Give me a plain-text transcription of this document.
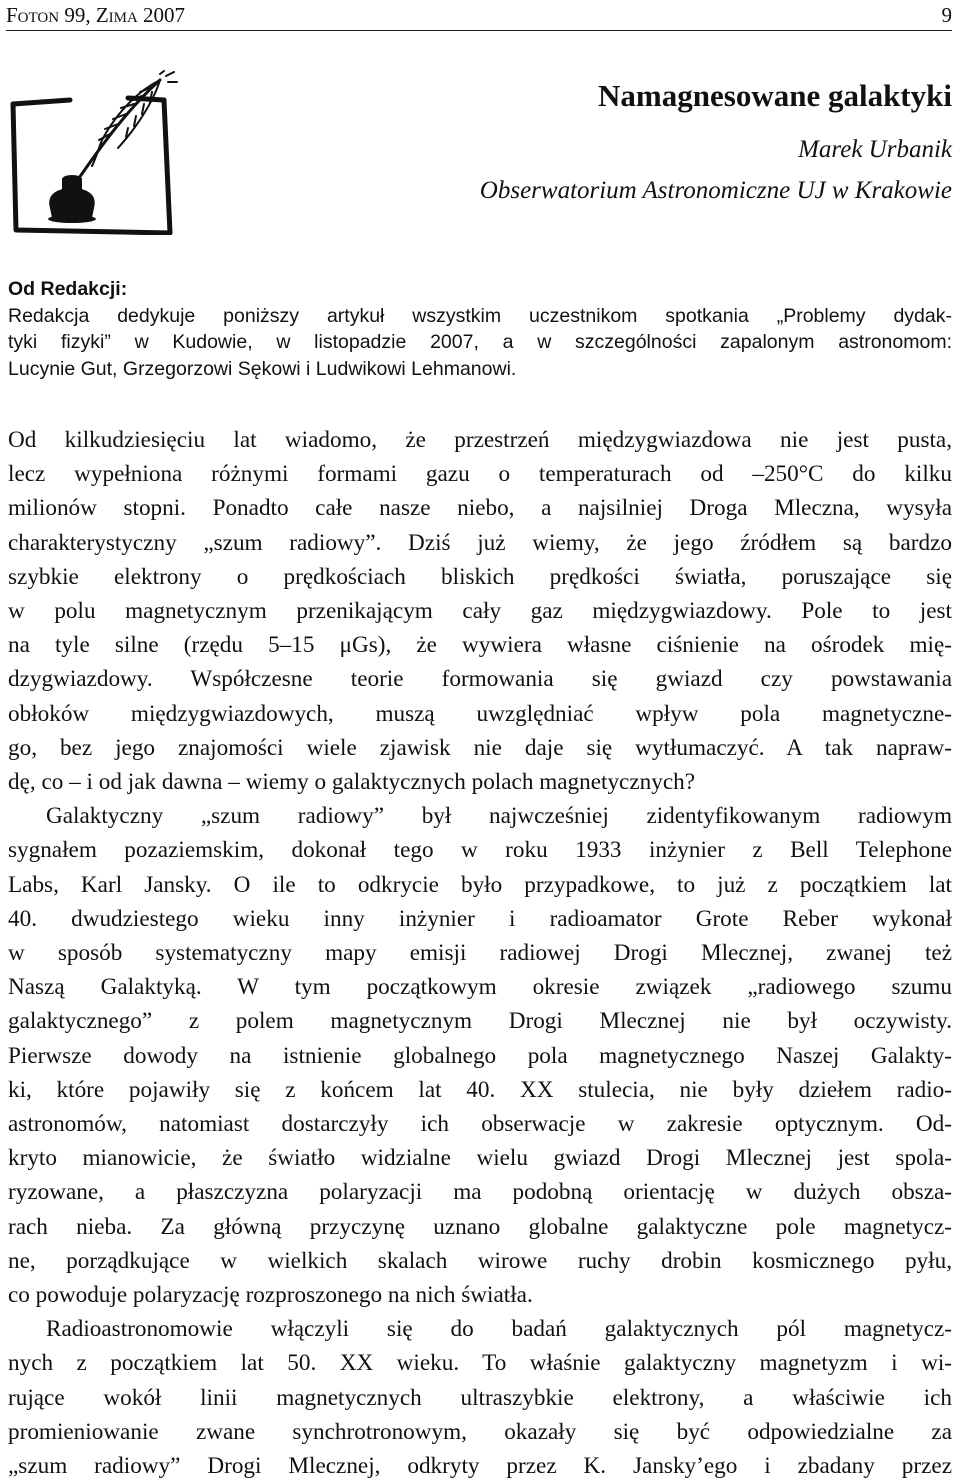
Foton 99, Zima 2007	9
Namagnesowane galaktyki
Marek Urbanik
Obserwatorium Astronomiczne UJ w Krakowie
Od Redakcji:
Redakcja dedykuje poniższy artykuł wszystkim uczestnikom spotkania „Problemy dydak-
tyki fizyki” w Kudowie, w listopadzie 2007, a w szczególności zapalonym astronomom:
Lucynie Gut, Grzegorzowi Sękowi i Ludwikowi Lehmanowi.
Od kilkudziesięciu lat wiadomo, że przestrzeń międzygwiazdowa nie jest pusta,
lecz wypełniona różnymi formami gazu o temperaturach od –250°C do kilku
milionów stopni. Ponadto całe nasze niebo, a najsilniej Droga Mleczna, wysyła
charakterystyczny „szum radiowy”. Dziś już wiemy, że jego źródłem są bardzo
szybkie elektrony o prędkościach bliskich prędkości światła, poruszające się
w polu magnetycznym przenikającym cały gaz międzygwiazdowy. Pole to jest
na tyle silne (rzędu 5–15 μGs), że wywiera własne ciśnienie na ośrodek mię-
dzygwiazdowy. Współczesne teorie formowania się gwiazd czy powstawania
obłoków międzygwiazdowych, muszą uwzględniać wpływ pola magnetyczne-
go, bez jego znajomości wiele zjawisk nie daje się wytłumaczyć. A tak napraw-
dę, co – i od jak dawna – wiemy o galaktycznych polach magnetycznych?
Galaktyczny „szum radiowy” był najwcześniej zidentyfikowanym radiowym
sygnałem pozaziemskim, dokonał tego w roku 1933 inżynier z Bell Telephone
Labs, Karl Jansky. O ile to odkrycie było przypadkowe, to już z początkiem lat
40. dwudziestego wieku inny inżynier i radioamator Grote Reber wykonał
w sposób systematyczny mapy emisji radiowej Drogi Mlecznej, zwanej też
Naszą Galaktyką. W tym początkowym okresie związek „radiowego szumu
galaktycznego” z polem magnetycznym Drogi Mlecznej nie był oczywisty.
Pierwsze dowody na istnienie globalnego pola magnetycznego Naszej Galakty-
ki, które pojawiły się z końcem lat 40. XX stulecia, nie były dziełem radio-
astronomów, natomiast dostarczyły ich obserwacje w zakresie optycznym. Od-
kryto mianowicie, że światło widzialne wielu gwiazd Drogi Mlecznej jest spola-
ryzowane, a płaszczyzna polaryzacji ma podobną orientację w dużych obsza-
rach nieba. Za główną przyczynę uznano globalne galaktyczne pole magnetycz-
ne, porządkujące w wielkich skalach wirowe ruchy drobin kosmicznego pyłu,
co powoduje polaryzację rozproszonego na nich światła.
Radioastronomowie włączyli się do badań galaktycznych pól magnetycz-
nych z początkiem lat 50. XX wieku. To właśnie galaktyczny magnetyzm i wi-
rujące wokół linii magnetycznych ultraszybkie elektrony, a właściwie ich
promieniowanie zwane synchrotronowym, okazały się być odpowiedzialne za
„szum radiowy” Drogi Mlecznej, odkryty przez K. Jansky’ego i zbadany przez
